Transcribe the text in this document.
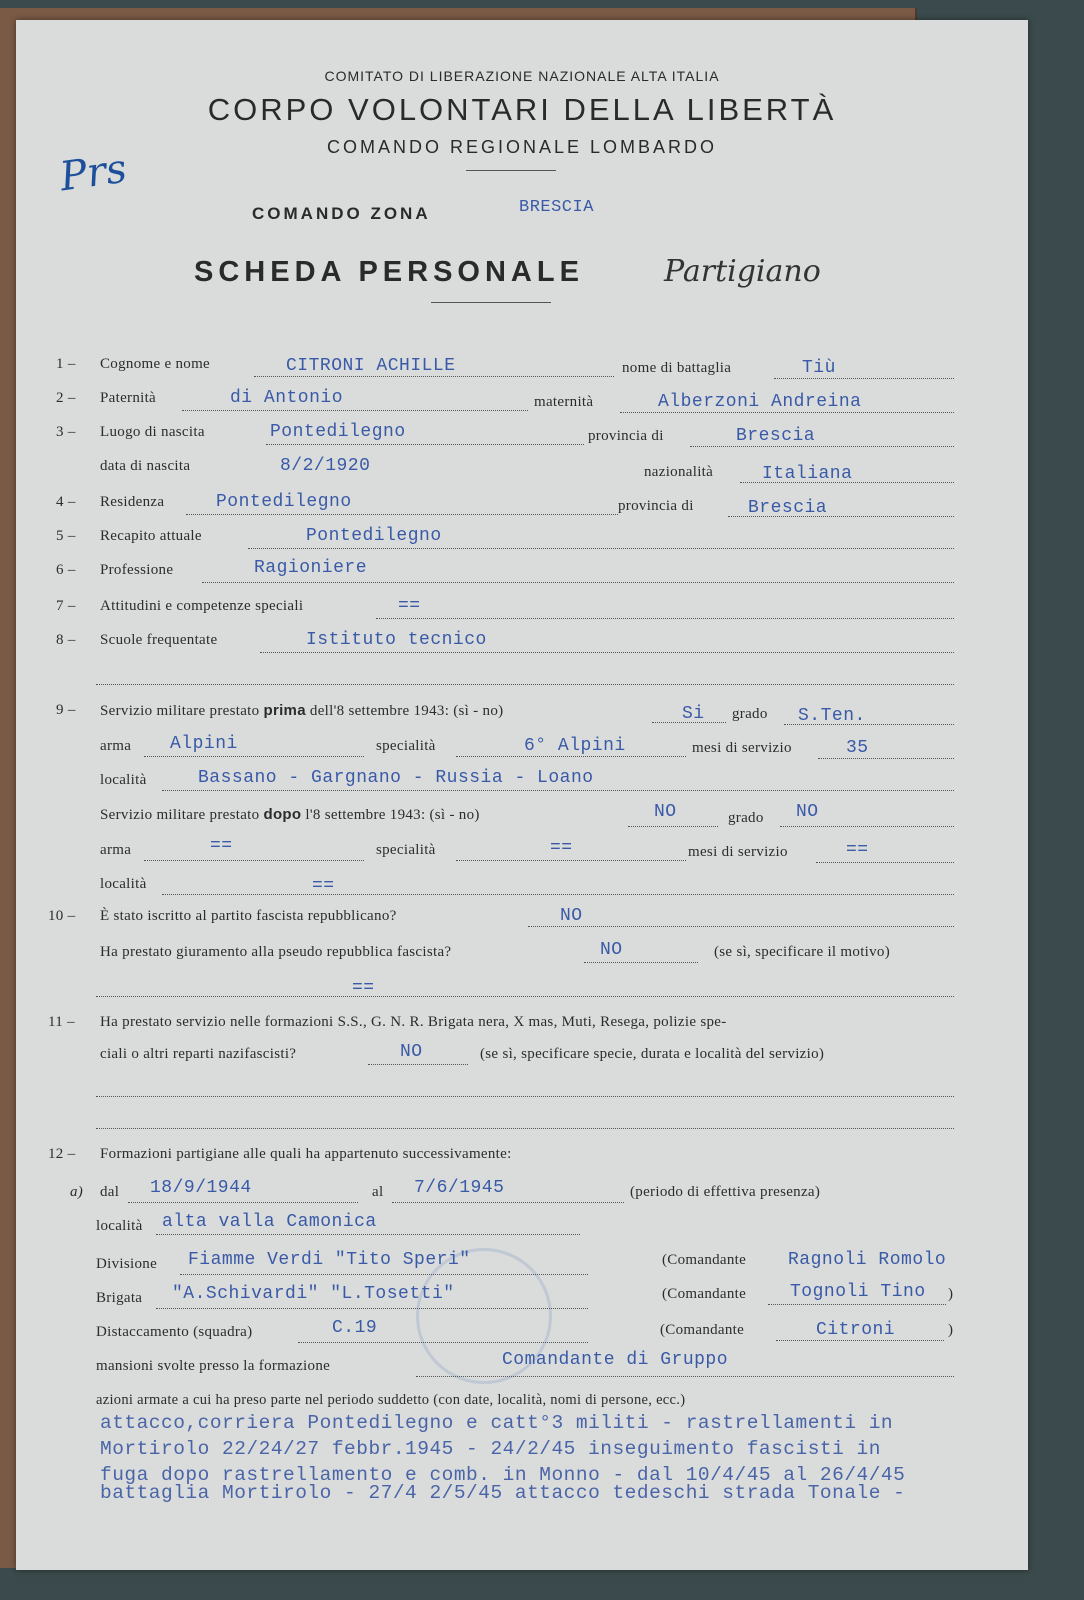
Prs
COMITATO DI LIBERAZIONE NAZIONALE ALTA ITALIA
CORPO VOLONTARI DELLA LIBERTÀ
COMANDO REGIONALE LOMBARDO
COMANDO ZONA	BRESCIA
SCHEDA PERSONALE	Partigiano
1 – Cognome e nome	CITRONI ACHILLE	nome di battaglia	Tiù
2 – Paternità	di Antonio	maternità	Alberzoni Andreina
3 – Luogo di nascita	Pontedilegno	provincia di	Brescia
data di nascita	8/2/1920	nazionalità	Italiana
4 – Residenza	Pontedilegno	provincia di	Brescia
5 – Recapito attuale	Pontedilegno
6 – Professione	Ragioniere
7 – Attitudini e competenze speciali	==
8 – Scuole frequentate	Istituto tecnico
9 – Servizio militare prestato prima dell'8 settembre 1943: (sì - no)	Si grado S.Ten.
arma Alpini	specialità	6° Alpini	mesi di servizio	35
località	Bassano - Gargnano - Russia - Loano
Servizio militare prestato dopo l'8 settembre 1943: (sì - no)	NO	grado NO
arma	==	specialità	==	mesi di servizio	==
località	==
10 – È stato iscritto al partito fascista repubblicano?	NO
Ha prestato giuramento alla pseudo repubblica fascista?	NO	(se sì, specificare il motivo)
==
11 – Ha prestato servizio nelle formazioni S.S., G. N. R. Brigata nera, X mas, Muti, Resega, polizie spe-
ciali o altri reparti nazifascisti?	NO	(se sì, specificare specie, durata e località del servizio)
12 – Formazioni partigiane alle quali ha appartenuto successivamente:
a) dal 18/9/1944	al 7/6/1945	(periodo di effettiva presenza)
località alta valla Camonica
Divisione Fiamme Verdi "Tito Speri"	(Comandante Ragnoli Romolo
Brigata "A.Schivardi" "L.Tosetti"	(Comandante Tognoli Tino )
Distaccamento (squadra)	C.19	(Comandante	Citroni	)
mansioni svolte presso la formazione	Comandante di Gruppo
azioni armate a cui ha preso parte nel periodo suddetto (con date, località, nomi di persone, ecc.)
attacco,corriera Pontedilegno e catt°3 militi - rastrellamenti in
Mortirolo 22/24/27 febbr.1945 - 24/2/45 inseguimento fascisti in
fuga dopo rastrellamento e comb. in Monno - dal 10/4/45 al 26/4/45
battaglia Mortirolo - 27/4 2/5/45 attacco tedeschi strada Tonale -
